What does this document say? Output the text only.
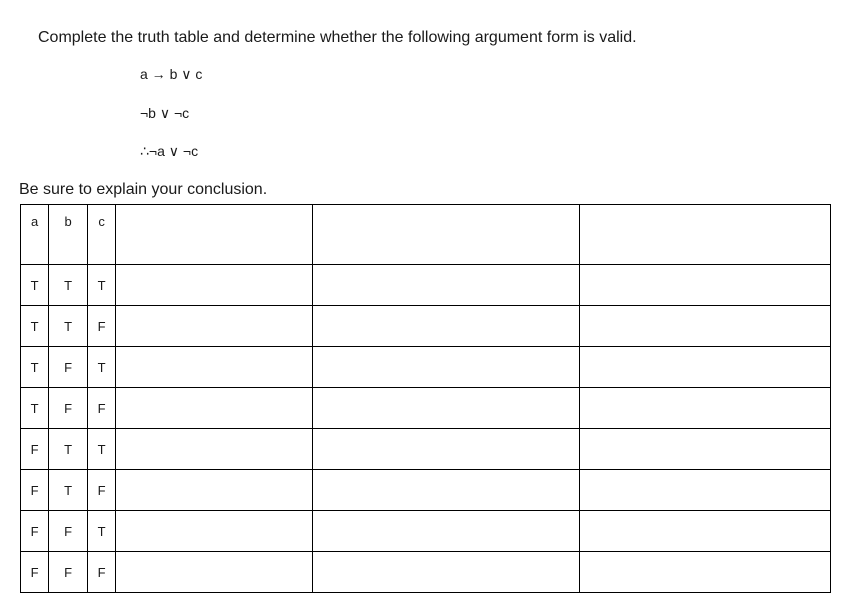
Complete the truth table and determine whether the following argument form is valid.
a → b ∨ c
¬b ∨ ¬c
∴¬a ∨ ¬c
Be sure to explain your conclusion.
a	b	c			
T	T	T			
T	T	F			
T	F	T			
T	F	F			
F	T	T			
F	T	F			
F	F	T			
F	F	F			
